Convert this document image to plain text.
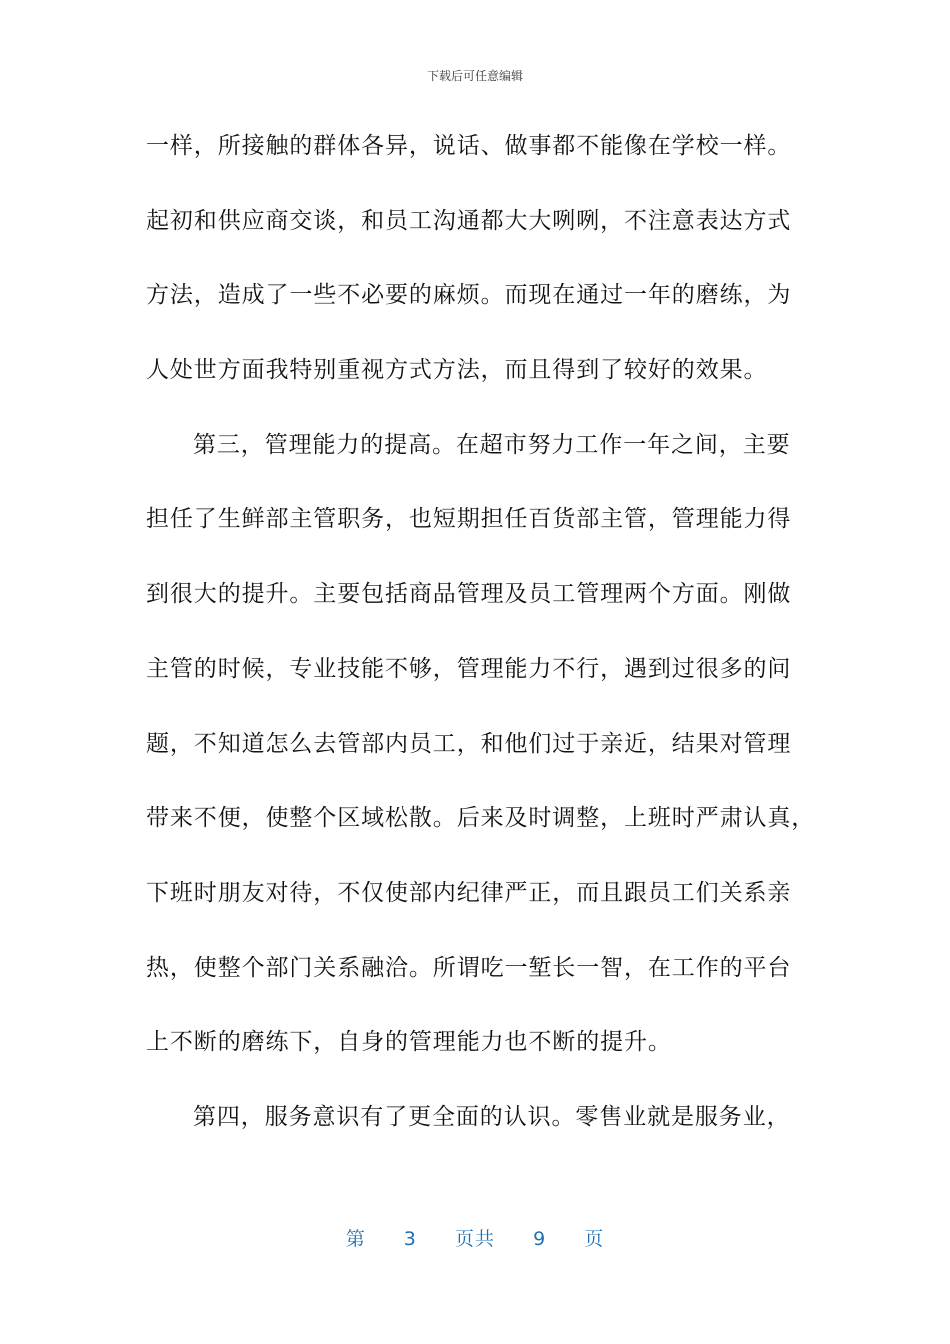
下载后可任意编辑
一样，所接触的群体各异，说话、做事都不能像在学校一样。
起初和供应商交谈，和员工沟通都大大咧咧，不注意表达方式
方法，造成了一些不必要的麻烦。而现在通过一年的磨练，为
人处世方面我特别重视方式方法，而且得到了较好的效果。
第三，管理能力的提高。在超市努力工作一年之间，主要
担任了生鲜部主管职务，也短期担任百货部主管，管理能力得
到很大的提升。主要包括商品管理及员工管理两个方面。刚做
主管的时候，专业技能不够，管理能力不行，遇到过很多的问
题，不知道怎么去管部内员工，和他们过于亲近，结果对管理
带来不便，使整个区域松散。后来及时调整，上班时严肃认真，
下班时朋友对待，不仅使部内纪律严正，而且跟员工们关系亲
热，使整个部门关系融洽。所谓吃一堑长一智，在工作的平台
上不断的磨练下，自身的管理能力也不断的提升。
第四，服务意识有了更全面的认识。零售业就是服务业，
第 3 页共 9 页
